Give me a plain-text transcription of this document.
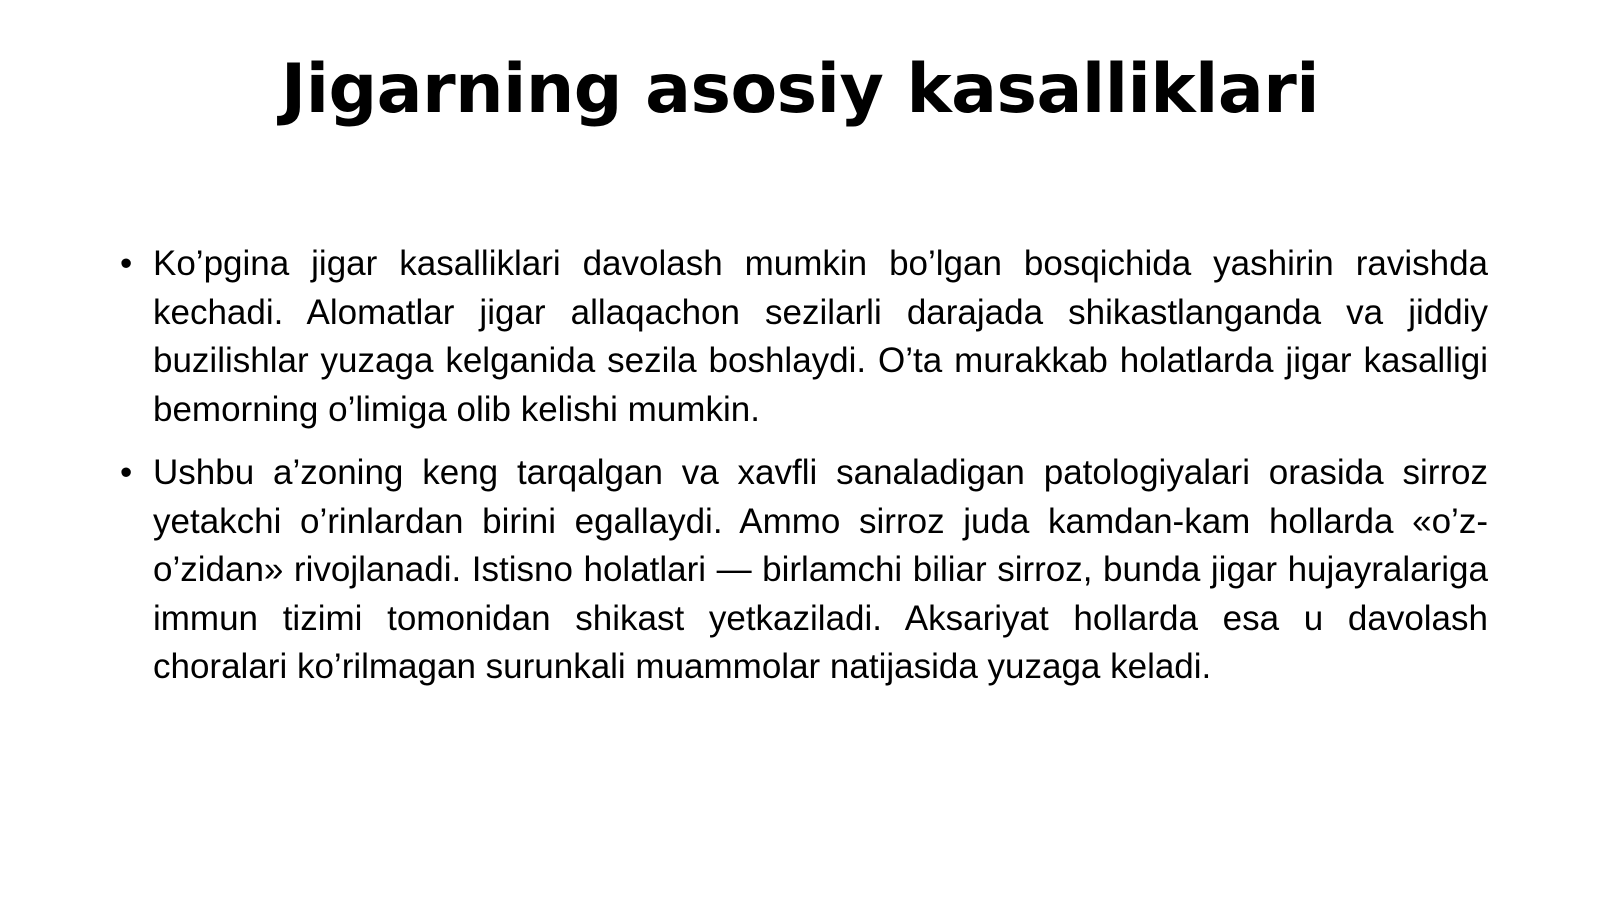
Jigarning asosiy kasalliklari
• Ko’pgina jigar kasalliklari davolash mumkin bo’lgan bosqichida yashirin ravishda kechadi. Alomatlar jigar allaqachon sezilarli darajada shikastlanganda va jiddiy buzilishlar yuzaga kelganida sezila boshlaydi. O’ta murakkab holatlarda jigar kasalligi bemorning o’limiga olib kelishi mumkin.
• Ushbu a’zoning keng tarqalgan va xavfli sanaladigan patologiyalari orasida sirroz yetakchi o’rinlardan birini egallaydi. Ammo sirroz juda kamdan-kam hollarda «o’z-o’zidan» rivojlanadi. Istisno holatlari — birlamchi biliar sirroz, bunda jigar hujayralariga immun tizimi tomonidan shikast yetkaziladi. Aksariyat hollarda esa u davolash choralari ko’rilmagan surunkali muammolar natijasida yuzaga keladi.
